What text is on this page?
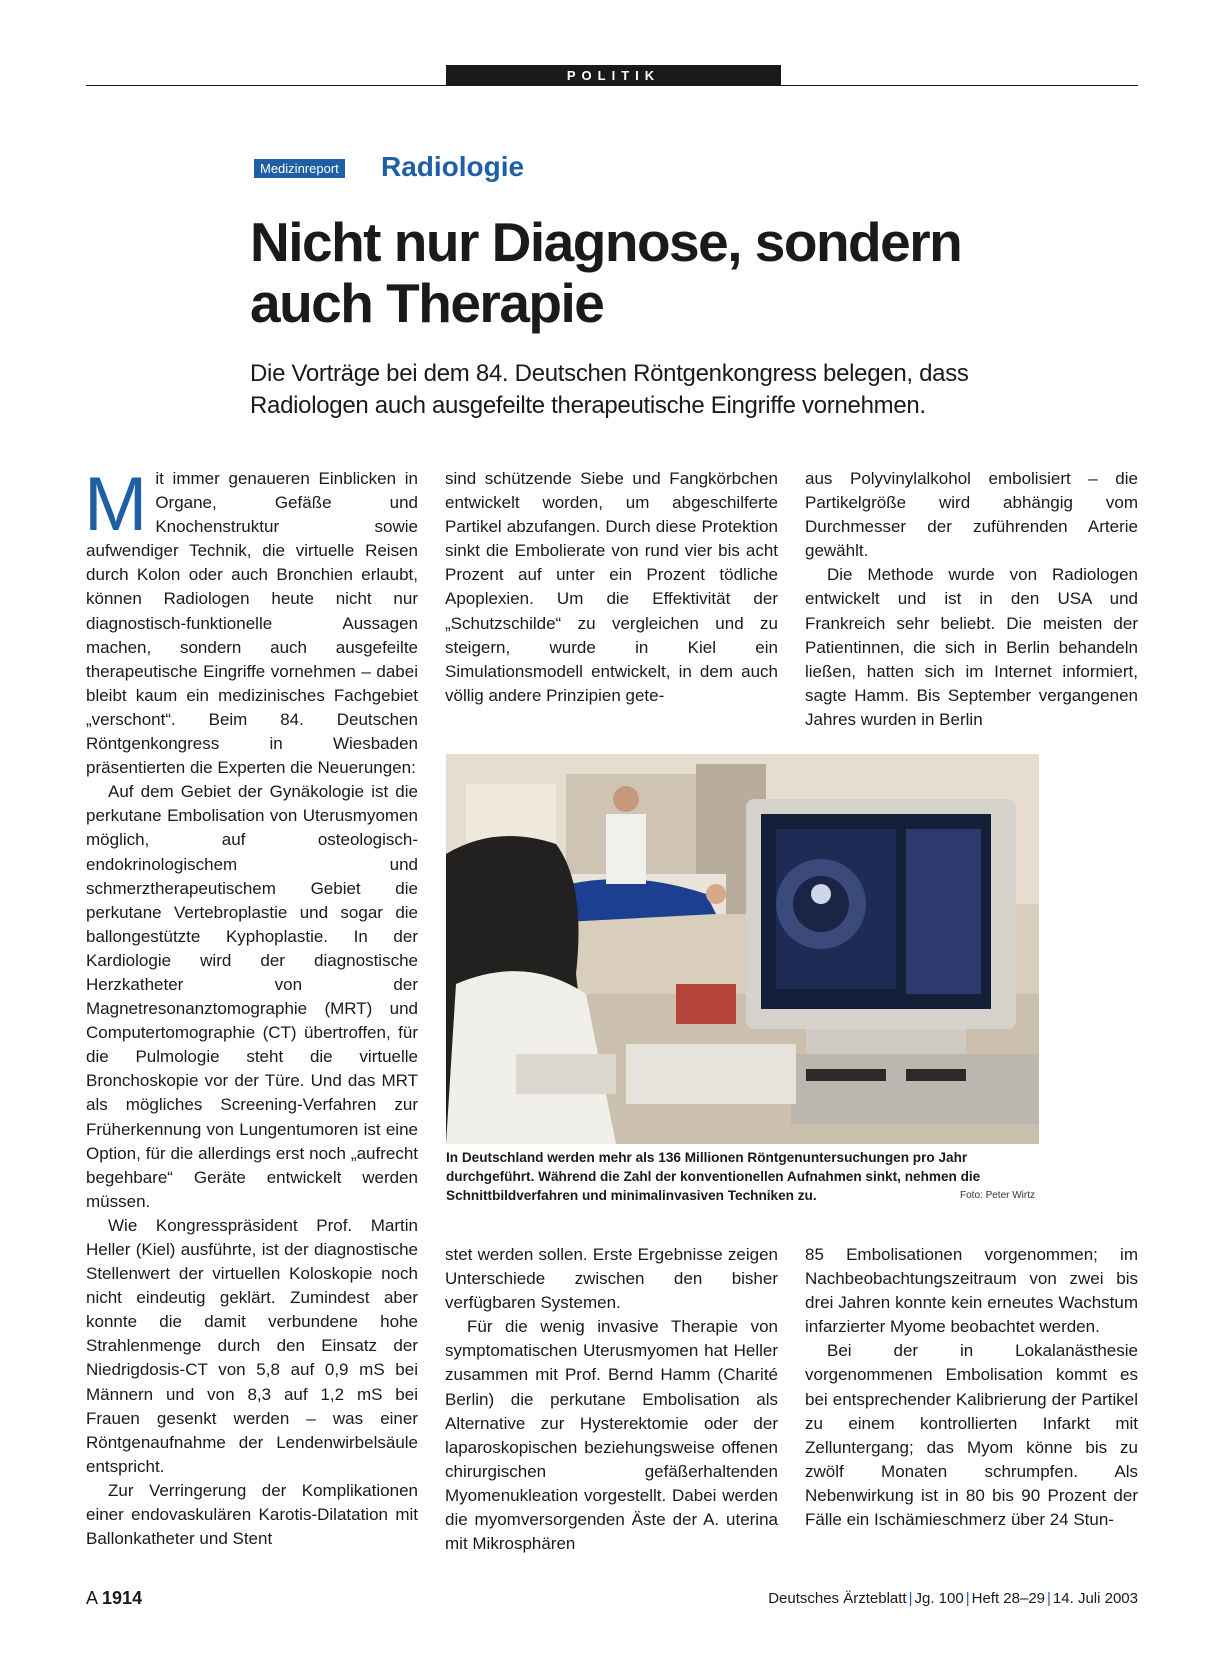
POLITIK
Medizinreport Radiologie
Nicht nur Diagnose, sondern
auch Therapie
Die Vorträge bei dem 84. Deutschen Röntgenkongress belegen, dass
Radiologen auch ausgefeilte therapeutische Eingriffe vornehmen.

Mit immer genaueren Einblicken in Organe, Gefäße und Knochenstruktur sowie aufwendiger Technik, die virtuelle Reisen durch Kolon oder auch Bronchien erlaubt, können Radiologen heute nicht nur diagnostisch-funktionelle Aussagen machen, sondern auch ausgefeilte therapeutische Eingriffe vornehmen – dabei bleibt kaum ein medizinisches Fachgebiet „verschont“. Beim 84. Deutschen Röntgenkongress in Wiesbaden präsentierten die Experten die Neuerungen:

Auf dem Gebiet der Gynäkologie ist die perkutane Embolisation von Uterusmyomen möglich, auf osteologisch-endokrinologischem und schmerztherapeutischem Gebiet die perkutane Vertebroplastie und sogar die ballongestützte Kyphoplastie. In der Kardiologie wird der diagnostische Herzkatheter von der Magnetresonanztomographie (MRT) und Computertomographie (CT) übertroffen, für die Pulmologie steht die virtuelle Bronchoskopie vor der Türe. Und das MRT als mögliches Screening-Verfahren zur Früherkennung von Lungentumoren ist eine Option, für die allerdings erst noch „aufrecht begehbare“ Geräte entwickelt werden müssen.

Wie Kongresspräsident Prof. Martin Heller (Kiel) ausführte, ist der diagnostische Stellenwert der virtuellen Koloskopie noch nicht eindeutig geklärt. Zumindest aber konnte die damit verbundene hohe Strahlenmenge durch den Einsatz der Niedrigdosis-CT von 5,8 auf 0,9 mS bei Männern und von 8,3 auf 1,2 mS bei Frauen gesenkt werden – was einer Röntgenaufnahme der Lendenwirbelsäule entspricht.

Zur Verringerung der Komplikationen einer endovaskulären Karotis-Dilatation mit Ballonkatheter und Stent

sind schützende Siebe und Fangkörbchen entwickelt worden, um abgeschilferte Partikel abzufangen. Durch diese Protektion sinkt die Embolierate von rund vier bis acht Prozent auf unter ein Prozent tödliche Apoplexien. Um die Effektivität der „Schutzschilde“ zu vergleichen und zu steigern, wurde in Kiel ein Simulationsmodell entwickelt, in dem auch völlig andere Prinzipien gete-

aus Polyvinylalkohol embolisiert – die Partikelgröße wird abhängig vom Durchmesser der zuführenden Arterie gewählt.

Die Methode wurde von Radiologen entwickelt und ist in den USA und Frankreich sehr beliebt. Die meisten der Patientinnen, die sich in Berlin behandeln ließen, hatten sich im Internet informiert, sagte Hamm. Bis September vergangenen Jahres wurden in Berlin

In Deutschland werden mehr als 136 Millionen Röntgenuntersuchungen pro Jahr durchgeführt. Während die Zahl der konventionellen Aufnahmen sinkt, nehmen die Schnittbildverfahren und minimalinvasiven Techniken zu.	Foto: Peter Wirtz

stet werden sollen. Erste Ergebnisse zeigen Unterschiede zwischen den bisher verfügbaren Systemen.

Für die wenig invasive Therapie von symptomatischen Uterusmyomen hat Heller zusammen mit Prof. Bernd Hamm (Charité Berlin) die perkutane Embolisation als Alternative zur Hysterektomie oder der laparoskopischen beziehungsweise offenen chirurgischen gefäßerhaltenden Myomenukleation vorgestellt. Dabei werden die myomversorgenden Äste der A. uterina mit Mikrosphären

85 Embolisationen vorgenommen; im Nachbeobachtungszeitraum von zwei bis drei Jahren konnte kein erneutes Wachstum infarzierter Myome beobachtet werden.

Bei der in Lokalanästhesie vorgenommenen Embolisation kommt es bei entsprechender Kalibrierung der Partikel zu einem kontrollierten Infarkt mit Zelluntergang; das Myom könne bis zu zwölf Monaten schrumpfen. Als Nebenwirkung ist in 80 bis 90 Prozent der Fälle ein Ischämieschmerz über 24 Stun-

A 1914	Deutsches Ärzteblatt | Jg. 100 | Heft 28–29 | 14. Juli 2003
